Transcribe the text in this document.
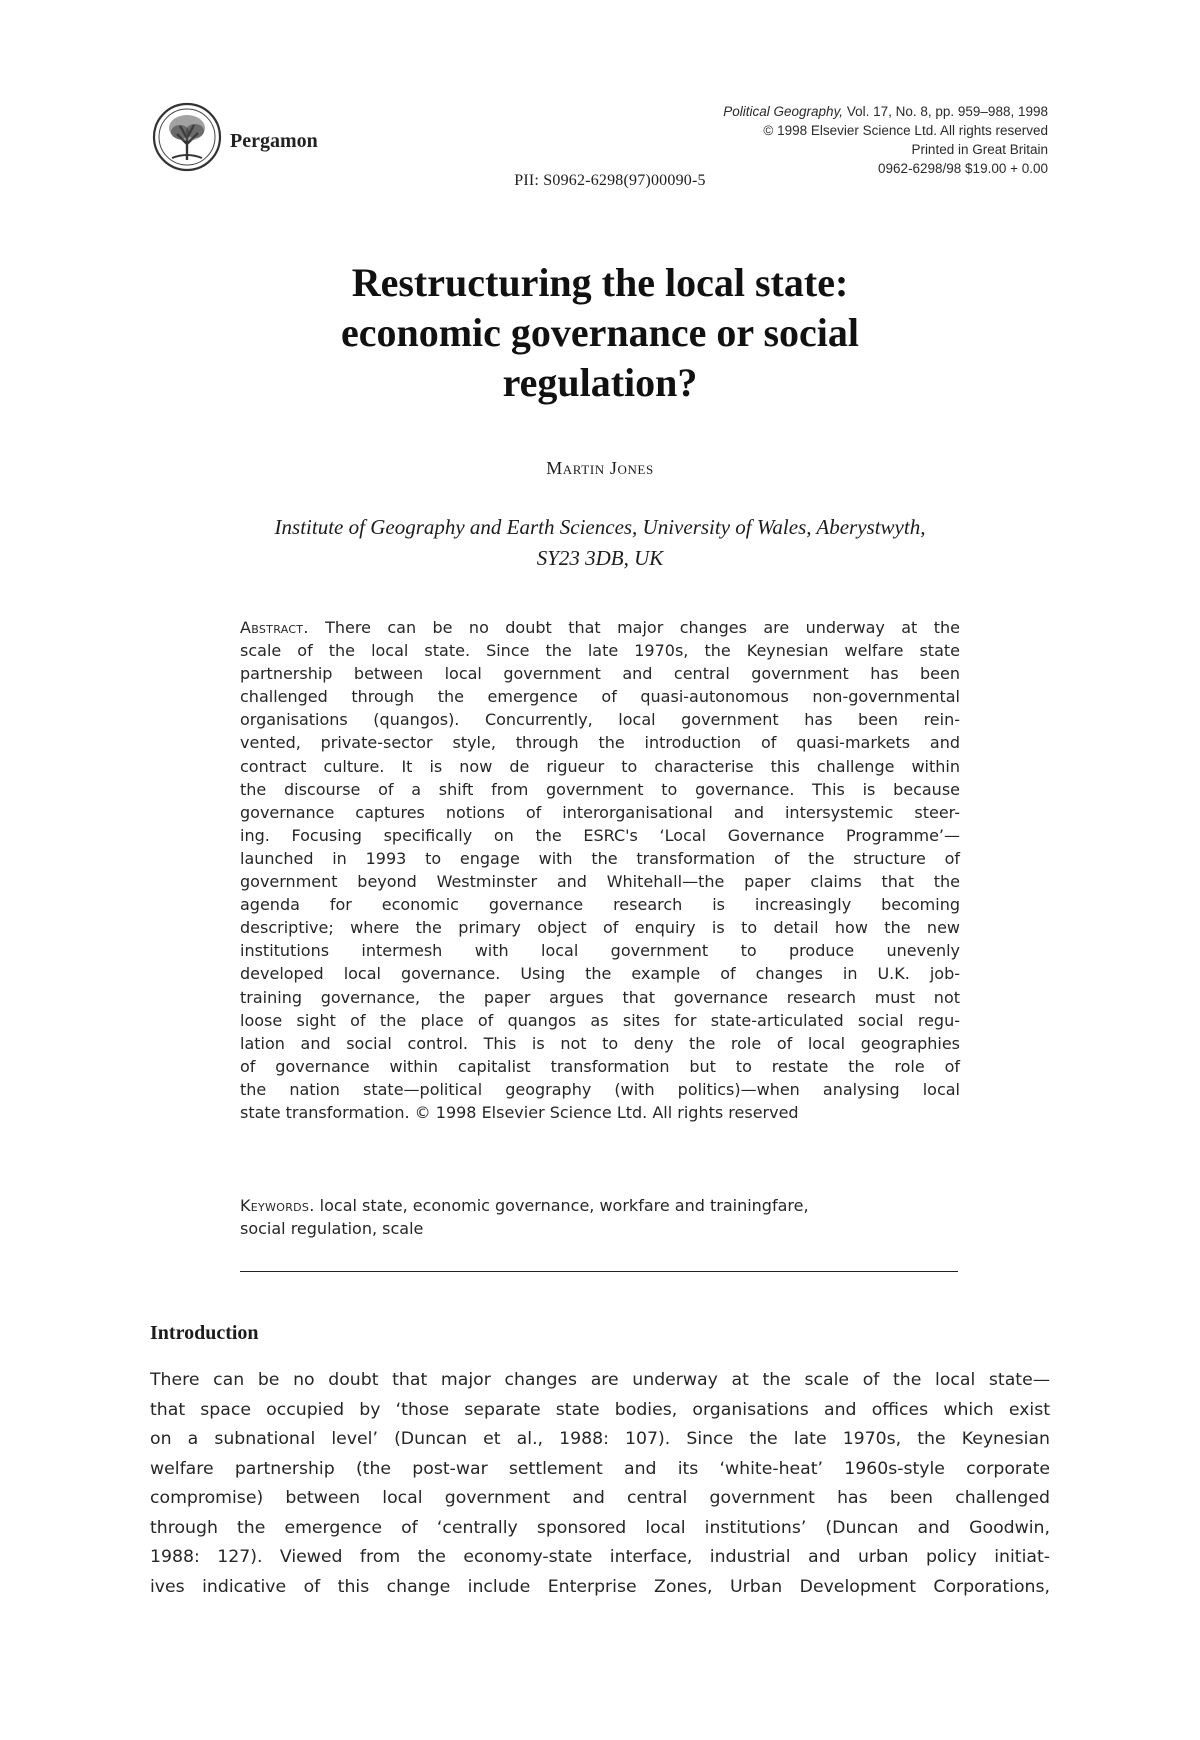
Pergamon
Political Geography, Vol. 17, No. 8, pp. 959–988, 1998
© 1998 Elsevier Science Ltd. All rights reserved
Printed in Great Britain
0962-6298/98 $19.00 + 0.00
PII: S0962-6298(97)00090-5
Restructuring the local state:
economic governance or social
regulation?
Martin Jones
Institute of Geography and Earth Sciences, University of Wales, Aberystwyth,
SY23 3DB, UK
Abstract. There can be no doubt that major changes are underway at the
scale of the local state. Since the late 1970s, the Keynesian welfare state
partnership between local government and central government has been
challenged through the emergence of quasi-autonomous non-governmental
organisations (quangos). Concurrently, local government has been rein-
vented, private-sector style, through the introduction of quasi-markets and
contract culture. It is now de rigueur to characterise this challenge within
the discourse of a shift from government to governance. This is because
governance captures notions of interorganisational and intersystemic steer-
ing. Focusing specifically on the ESRC's ‘Local Governance Programme’—
launched in 1993 to engage with the transformation of the structure of
government beyond Westminster and Whitehall—the paper claims that the
agenda for economic governance research is increasingly becoming
descriptive; where the primary object of enquiry is to detail how the new
institutions intermesh with local government to produce unevenly
developed local governance. Using the example of changes in U.K. job-
training governance, the paper argues that governance research must not
loose sight of the place of quangos as sites for state-articulated social regu-
lation and social control. This is not to deny the role of local geographies
of governance within capitalist transformation but to restate the role of
the nation state—political geography (with politics)—when analysing local
state transformation. © 1998 Elsevier Science Ltd. All rights reserved
Keywords. local state, economic governance, workfare and trainingfare,
social regulation, scale
Introduction
There can be no doubt that major changes are underway at the scale of the local state—
that space occupied by ‘those separate state bodies, organisations and offices which exist
on a subnational level’ (Duncan et al., 1988: 107). Since the late 1970s, the Keynesian
welfare partnership (the post-war settlement and its ‘white-heat’ 1960s-style corporate
compromise) between local government and central government has been challenged
through the emergence of ‘centrally sponsored local institutions’ (Duncan and Goodwin,
1988: 127). Viewed from the economy-state interface, industrial and urban policy initiat-
ives indicative of this change include Enterprise Zones, Urban Development Corporations,
